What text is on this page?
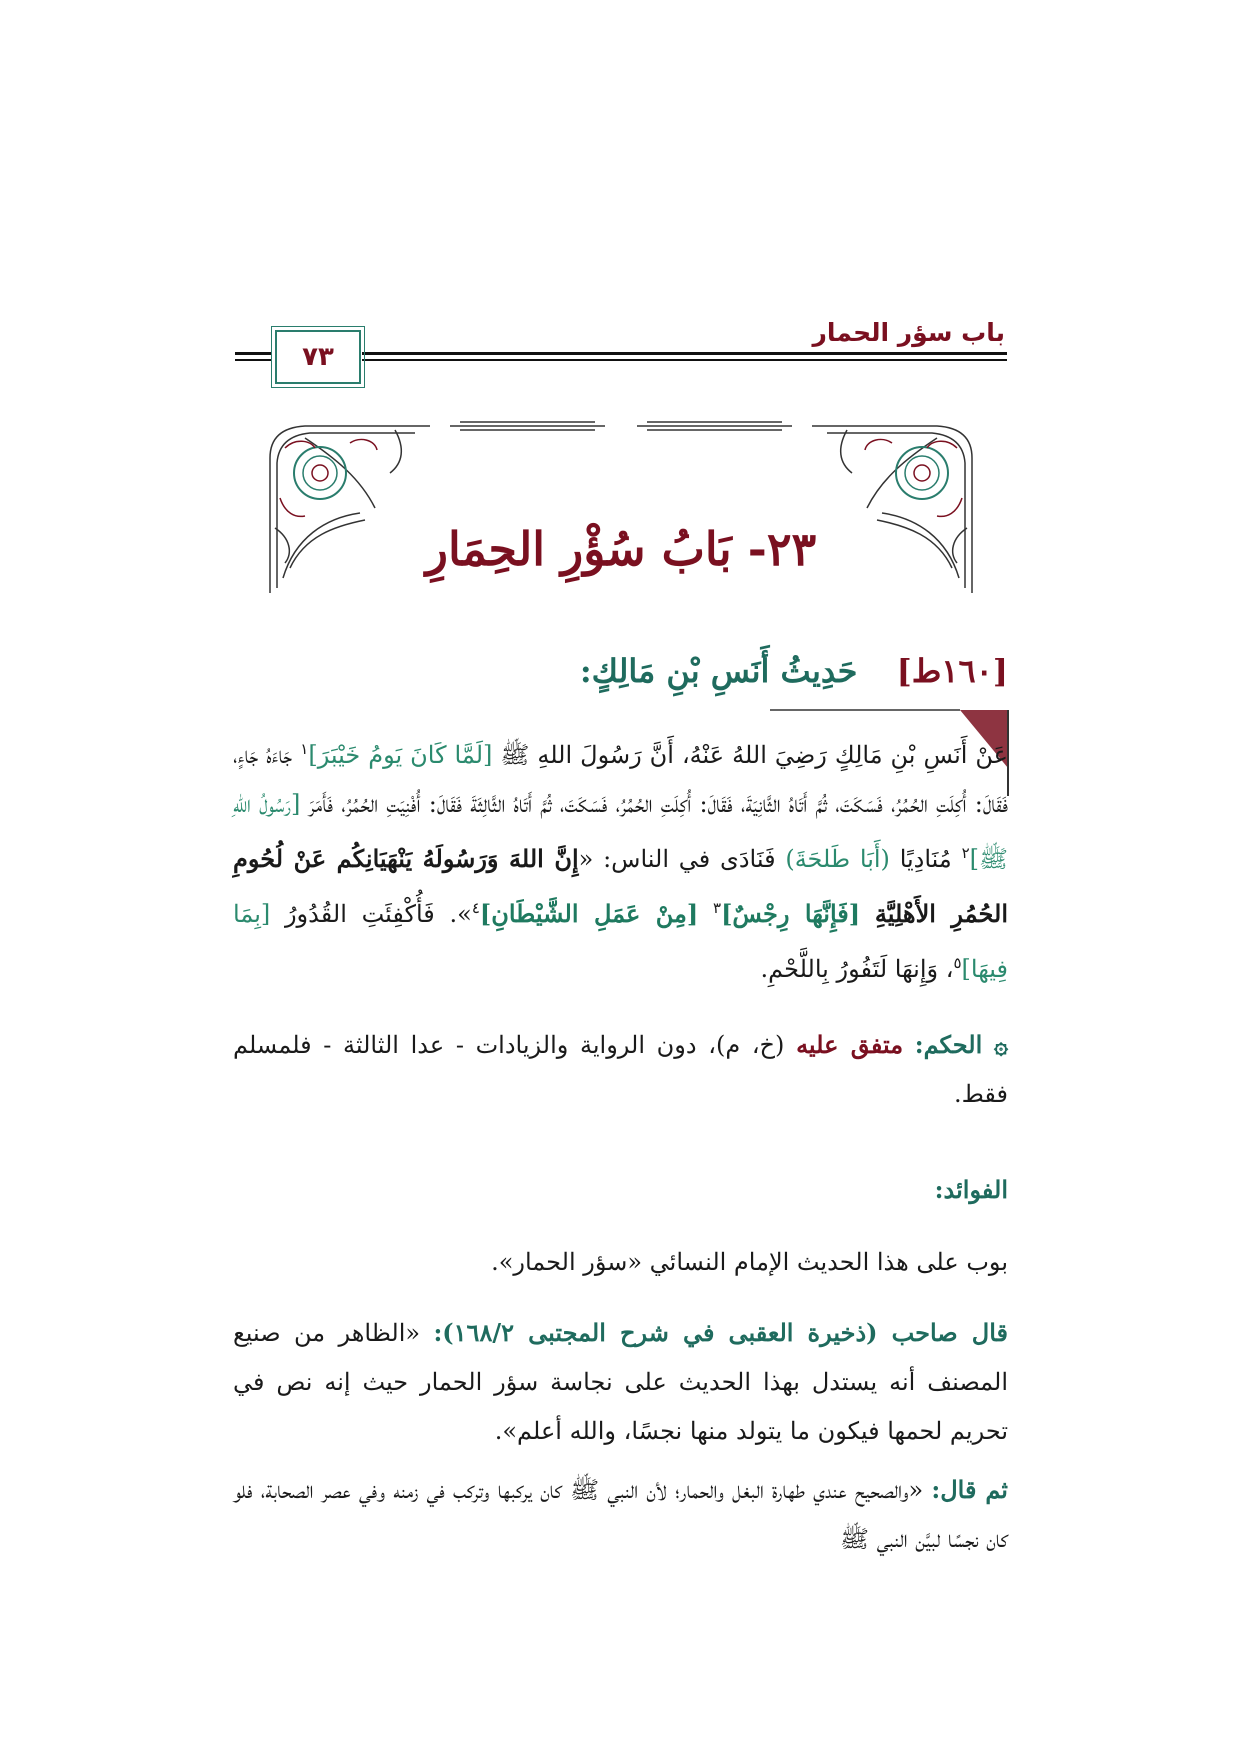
باب سؤر الحمار
٧٣
٢٣- بَابُ سُؤْرِ الحِمَارِ
[١٦٠ط] حَدِيثُ أَنَسِ بْنِ مَالِكٍ:
عَنْ أَنَسِ بْنِ مَالِكٍ رَضِيَ اللهُ عَنْهُ، أَنَّ رَسُولَ اللهِ ﷺ [لَمَّا كَانَ يَومُ خَيْبَرَ]$^١$ جَاءَهُ جَاءٍ، فَقَالَ: أُكِلَتِ الحُمُرُ، فَسَكَتَ، ثُمَّ أَتَاهُ الثَّانِيَةَ، فَقَالَ: أُكِلَتِ الحُمُرُ، فَسَكَتَ، ثُمَّ أَتَاهُ الثَّالِثَةَ فَقَالَ: أُفْنِيَتِ الحُمُرُ، فَأَمَرَ [رَسُولُ اللهِ ﷺ]$^٢$ مُنَادِيًا (أَبَا طَلحَةَ) فَنَادَى في الناس: «إِنَّ اللهَ وَرَسُولَهُ يَنْهَيَانِكُم عَنْ لُحُومِ الحُمُرِ الأَهْلِيَّةِ [فَإِنَّهَا رِجْسٌ]$^٣$ [مِنْ عَمَلِ الشَّيْطَانِ]$^٤$». فَأُكْفِئَتِ القُدُورُ [بِمَا فِيهَا]$^٥$، وَإِنهَا لَتَفُورُ بِاللَّحْمِ.
۞ الحكم: متفق عليه (خ، م)، دون الرواية والزيادات - عدا الثالثة - فلمسلم فقط.
الفوائد:
بوب على هذا الحديث الإمام النسائي «سؤر الحمار».
قال صاحب (ذخيرة العقبى في شرح المجتبى ١٦٨/٢): «الظاهر من صنيع المصنف أنه يستدل بهذا الحديث على نجاسة سؤر الحمار حيث إنه نص في تحريم لحمها فيكون ما يتولد منها نجسًا، والله أعلم».
ثم قال: «والصحيح عندي طهارة البغل والحمار؛ لأن النبي ﷺ كان يركبها وتركب في زمنه وفي عصر الصحابة، فلو كان نجسًا لبيَّن النبي ﷺ
